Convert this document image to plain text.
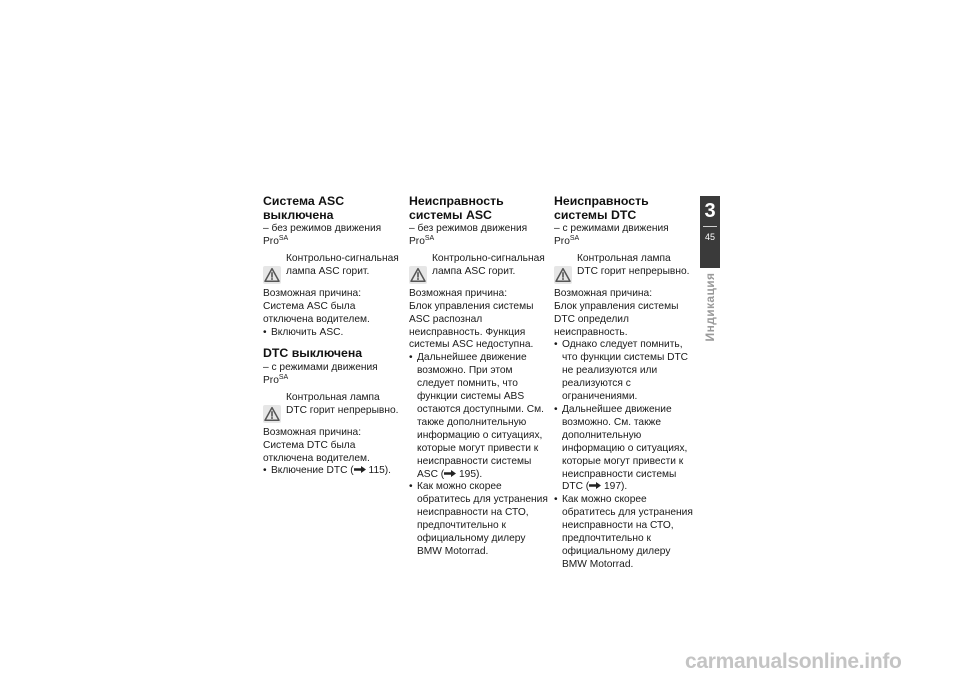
Система ASC выключена
– без режимов движения Pro$^{SA}$
Контрольно-сигнальная лампа ASC горит.

Возможная причина:

Система ASC была отключена водителем.

• Включить ASC.
DTC выключена
– с режимами движения Pro$^{SA}$
Контрольная лампа DTC горит непрерывно.

Возможная причина:

Система DTC была отключена водителем.

• Включение DTC ( 115).
Неисправность системы ASC
– без режимов движения Pro$^{SA}$
Контрольно-сигнальная лампа ASC горит.

Возможная причина:

Блок управления системы ASC распознал неисправность. Функция системы ASC недоступна.

• Дальнейшее движение возможно. При этом следует помнить, что функции системы ABS остаются доступными. См. также дополнительную информацию о ситуациях, которые могут привести к неисправности системы ASC ( 195).
• Как можно скорее обратитесь для устранения неисправности на СТО, предпочтительно к официальному дилеру BMW Motorrad.
Неисправность системы DTC
– с режимами движения Pro$^{SA}$
Контрольная лампа DTC горит непрерывно.

Возможная причина:

Блок управления системы DTC определил неисправность.

• Однако следует помнить, что функции системы DTC не реализуются или реализуются с ограничениями.
• Дальнейшее движение возможно. См. также дополнительную информацию о ситуациях, которые могут привести к неисправности системы DTC ( 197).
• Как можно скорее обратитесь для устранения неисправности на СТО, предпочтительно к официальному дилеру BMW Motorrad.
3
45
Индикация
carmanualsonline.info
